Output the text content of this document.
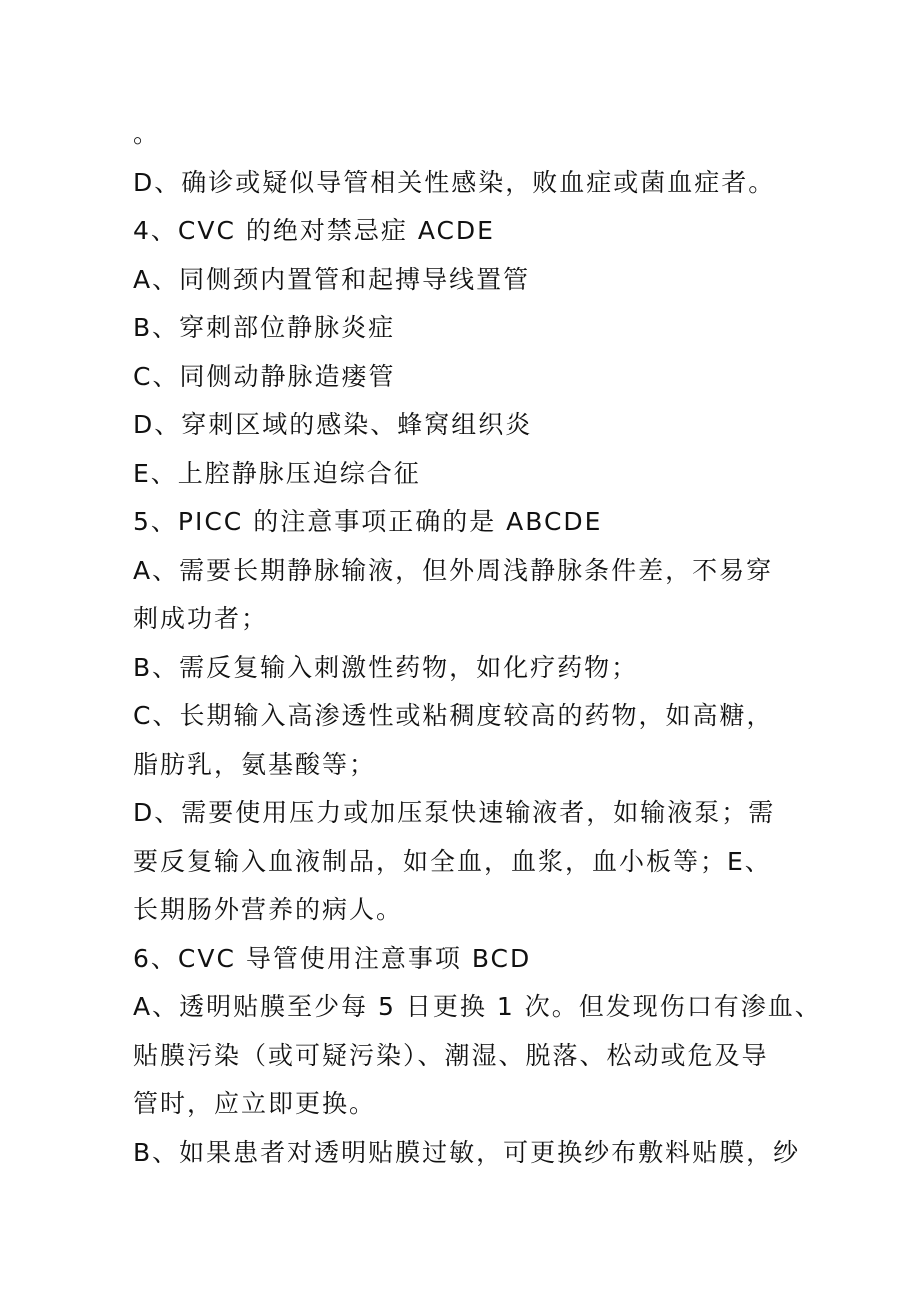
。
D、确诊或疑似导管相关性感染，败血症或菌血症者。
4、CVC 的绝对禁忌症 ACDE
A、同侧颈内置管和起搏导线置管
B、穿刺部位静脉炎症
C、同侧动静脉造瘘管
D、穿刺区域的感染、蜂窝组织炎
E、上腔静脉压迫综合征
5、PICC 的注意事项正确的是 ABCDE
A、需要长期静脉输液，但外周浅静脉条件差，不易穿
刺成功者；
B、需反复输入刺激性药物，如化疗药物；
C、长期输入高渗透性或粘稠度较高的药物，如高糖，
脂肪乳，氨基酸等；
D、需要使用压力或加压泵快速输液者，如输液泵；需
要反复输入血液制品，如全血，血浆，血小板等；E、
长期肠外营养的病人。
6、CVC 导管使用注意事项 BCD
A、透明贴膜至少每 5 日更换 1 次。但发现伤口有渗血、
贴膜污染（或可疑污染）、潮湿、脱落、松动或危及导
管时，应立即更换。
B、如果患者对透明贴膜过敏，可更换纱布敷料贴膜，纱
